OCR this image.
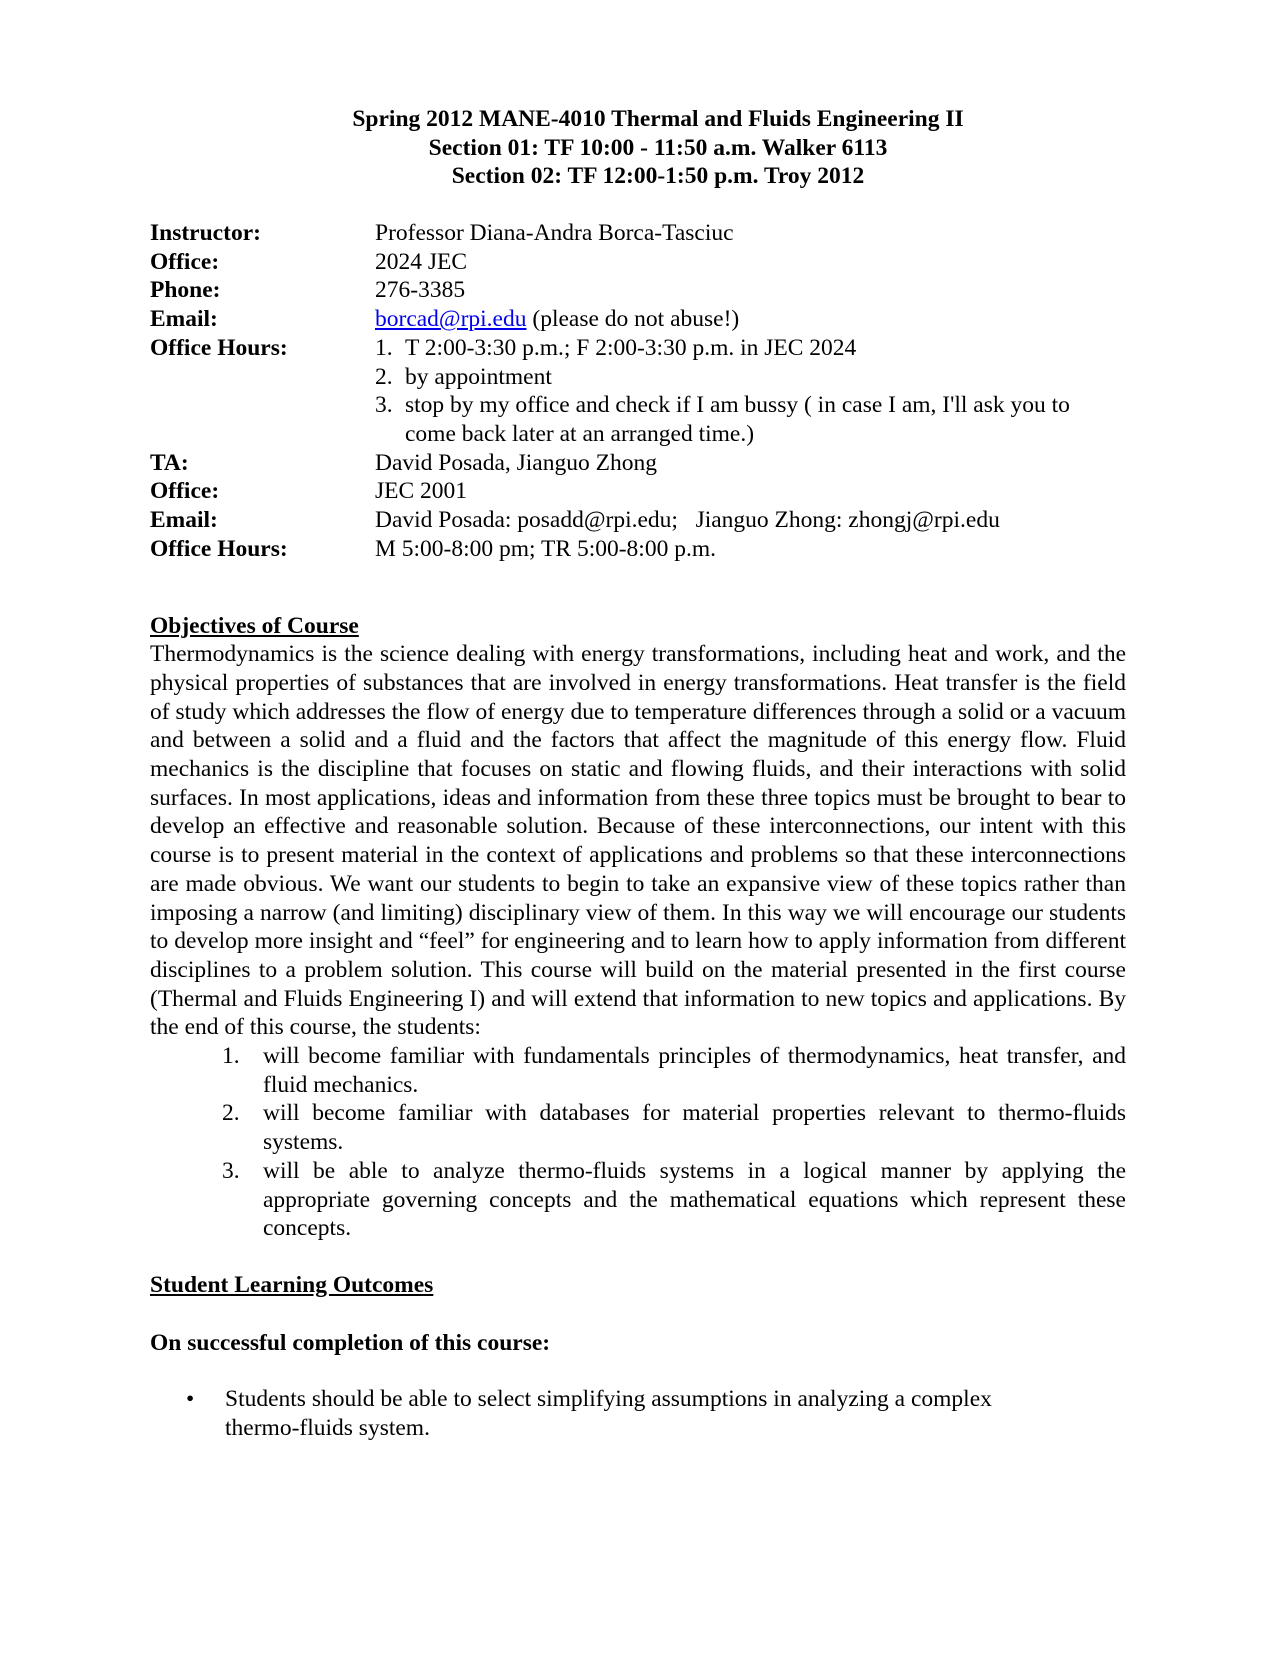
Spring 2012 MANE-4010 Thermal and Fluids Engineering II
Section 01: TF 10:00 - 11:50 a.m. Walker 6113
Section 02: TF 12:00-1:50 p.m. Troy 2012
Instructor:	Professor Diana-Andra Borca-Tasciuc
Office:	2024 JEC
Phone:	276-3385
Email:	borcad@rpi.edu (please do not abuse!)
Office Hours:	1. T 2:00-3:30 p.m.; F 2:00-3:30 p.m. in JEC 2024
2. by appointment
3. stop by my office and check if I am bussy ( in case I am, I'll ask you to come back later at an arranged time.)
TA:	David Posada, Jianguo Zhong
Office:	JEC 2001
Email:	David Posada: posadd@rpi.edu;   Jianguo Zhong: zhongj@rpi.edu
Office Hours:	M 5:00-8:00 pm; TR 5:00-8:00 p.m.
Objectives of Course
Thermodynamics is the science dealing with energy transformations, including heat and work, and the physical properties of substances that are involved in energy transformations. Heat transfer is the field of study which addresses the flow of energy due to temperature differences through a solid or a vacuum and between a solid and a fluid and the factors that affect the magnitude of this energy flow. Fluid mechanics is the discipline that focuses on static and flowing fluids, and their interactions with solid surfaces. In most applications, ideas and information from these three topics must be brought to bear to develop an effective and reasonable solution. Because of these interconnections, our intent with this course is to present material in the context of applications and problems so that these interconnections are made obvious. We want our students to begin to take an expansive view of these topics rather than imposing a narrow (and limiting) disciplinary view of them. In this way we will encourage our students to develop more insight and “feel” for engineering and to learn how to apply information from different disciplines to a problem solution. This course will build on the material presented in the first course (Thermal and Fluids Engineering I) and will extend that information to new topics and applications. By the end of this course, the students:
1. will become familiar with fundamentals principles of thermodynamics, heat transfer, and fluid mechanics.
2. will become familiar with databases for material properties relevant to thermo-fluids systems.
3. will be able to analyze thermo-fluids systems in a logical manner by applying the appropriate governing concepts and the mathematical equations which represent these concepts.
Student Learning Outcomes
On successful completion of this course:
•	Students should be able to select simplifying assumptions in analyzing a complex thermo-fluids system.
